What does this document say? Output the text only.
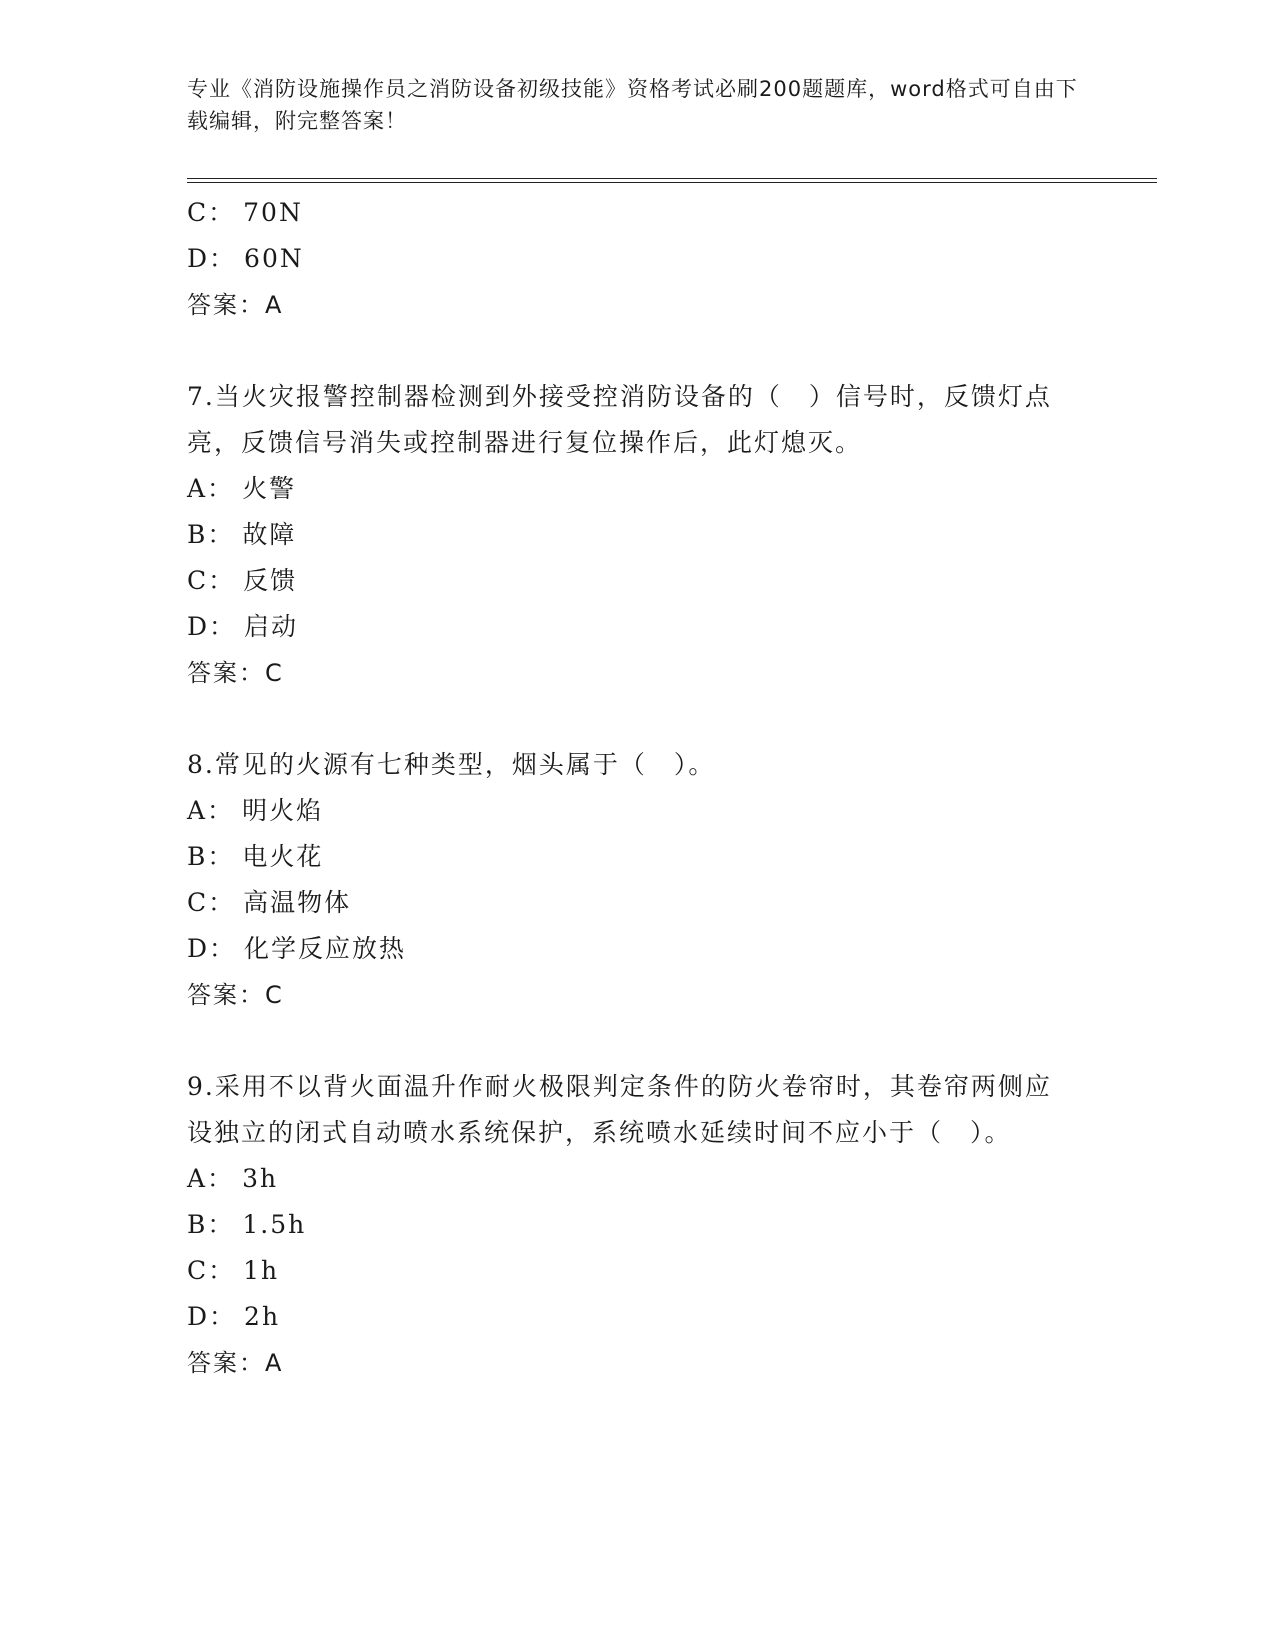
专业《消防设施操作员之消防设备初级技能》资格考试必刷200题题库，word格式可自由下载编辑，附完整答案！
C： 70N
D： 60N
答案：A
7.当火灾报警控制器检测到外接受控消防设备的（　）信号时，反馈灯点亮，反馈信号消失或控制器进行复位操作后，此灯熄灭。
A： 火警
B： 故障
C： 反馈
D： 启动
答案：C
8.常见的火源有七种类型，烟头属于（　）。
A： 明火焰
B： 电火花
C： 高温物体
D： 化学反应放热
答案：C
9.采用不以背火面温升作耐火极限判定条件的防火卷帘时，其卷帘两侧应设独立的闭式自动喷水系统保护，系统喷水延续时间不应小于（　）。
A： 3h
B： 1.5h
C： 1h
D： 2h
答案：A
